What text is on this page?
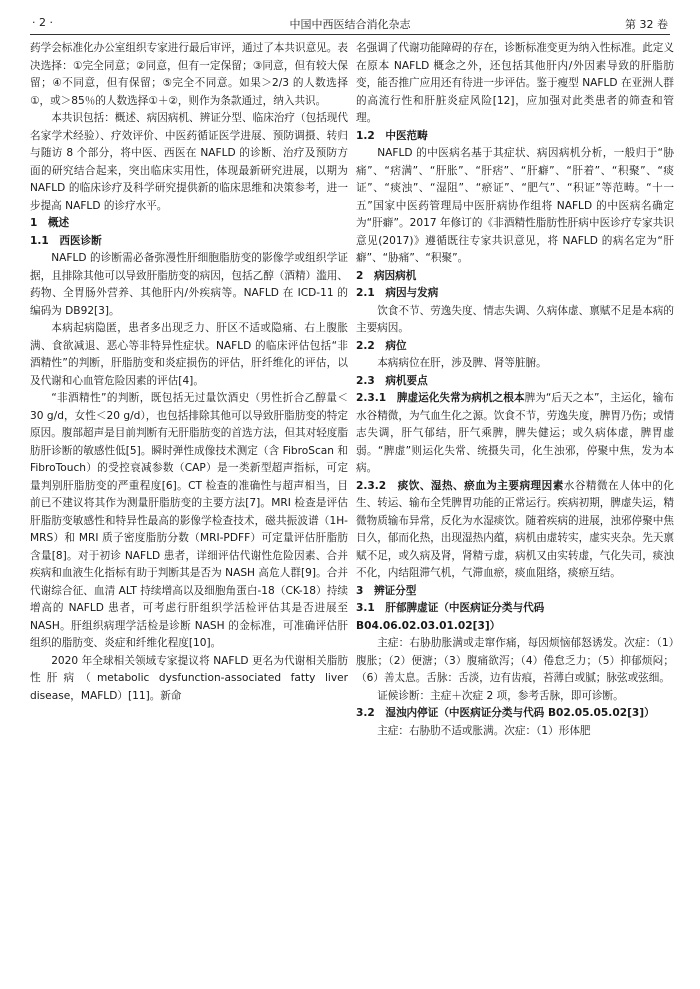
· 2 ·	中国中西医结合消化杂志	第 32 卷

药学会标准化办公室组织专家进行最后审评，通过了本共识意见。表决选择：①完全同意；②同意，但有一定保留；③同意，但有较大保留；④不同意，但有保留；⑤完全不同意。如果＞2/3 的人数选择①，或＞85％的人数选择①＋②，则作为条款通过，纳入共识。

本共识包括：概述、病因病机、辨证分型、临床治疗（包括现代名家学术经验）、疗效评价、中医药循证医学进展、预防调摄、转归与随访 8 个部分，将中医、西医在 NAFLD 的诊断、治疗及预防方面的研究结合起来，突出临床实用性，体现最新研究进展，以期为 NAFLD 的临床诊疗及科学研究提供新的临床思维和决策参考，进一步提高 NAFLD 的诊疗水平。

1　概述
1.1　西医诊断

NAFLD 的诊断需必备弥漫性肝细胞脂肪变的影像学或组织学证据，且排除其他可以导致肝脂肪变的病因，包括乙醇（酒精）滥用、药物、全胃肠外营养、其他肝内/外疾病等。NAFLD 在 ICD-11 的编码为 DB92[3]。

本病起病隐匿，患者多出现乏力、肝区不适或隐痛、右上腹胀满、食欲减退、恶心等非特异性症状。NAFLD 的临床评估包括“非酒精性”的判断，肝脂肪变和炎症损伤的评估，肝纤维化的评估，以及代谢和心血管危险因素的评估[4]。

“非酒精性”的判断，既包括无过量饮酒史（男性折合乙醇量＜30 g/d，女性＜20 g/d），也包括排除其他可以导致肝脂肪变的特定原因。腹部超声是目前判断有无肝脂肪变的首选方法，但其对轻度脂肪肝诊断的敏感性低[5]。瞬时弹性成像技术测定（含 FibroScan 和 FibroTouch）的受控衰减参数（CAP）是一类新型超声指标，可定量判别肝脂肪变的严重程度[6]。CT 检查的准确性与超声相当，目前已不建议将其作为测量肝脂肪变的主要方法[7]。MRI 检查是评估肝脂肪变敏感性和特异性最高的影像学检查技术，磁共振波谱（1H-MRS）和 MRI 质子密度脂肪分数（MRI-PDFF）可定量评估肝脂肪含量[8]。对于初诊 NAFLD 患者，详细评估代谢性危险因素、合并疾病和血液生化指标有助于判断其是否为 NASH 高危人群[9]。合并代谢综合征、血清 ALT 持续增高以及细胞角蛋白-18（CK-18）持续增高的 NAFLD 患者，可考虑行肝组织学活检评估其是否进展至 NASH。肝组织病理学活检是诊断 NASH 的金标准，可准确评估肝组织的脂肪变、炎症和纤维化程度[10]。

2020 年全球相关领域专家提议将 NAFLD 更名为代谢相关脂肪性肝病（metabolic dysfunction-associated fatty liver disease，MAFLD）[11]。新命

名强调了代谢功能障碍的存在，诊断标准变更为纳入性标准。此定义在原本 NAFLD 概念之外，还包括其他肝内/外因素导致的肝脂肪变，能否推广应用还有待进一步评估。鉴于瘦型 NAFLD 在亚洲人群的高流行性和肝脏炎症风险[12]，应加强对此类患者的筛查和管理。

1.2　中医范畴

NAFLD 的中医病名基于其症状、病因病机分析，一般归于“胁痛”、“痞满”、“肝胀”、“肝痞”、“肝癖”、“肝着”、“积聚”、“痰证”、“痰浊”、“湿阻”、“瘀证”、“肥气”、“积证”等范畴。“十一五”国家中医药管理局中医肝病协作组将 NAFLD 的中医病名确定为“肝癖”。2017 年修订的《非酒精性脂肪性肝病中医诊疗专家共识意见(2017)》遵循既往专家共识意见，将 NAFLD 的病名定为“肝癖”、“胁痛”、“积聚”。

2　病因病机
2.1　病因与发病

饮食不节、劳逸失度、情志失调、久病体虚、禀赋不足是本病的主要病因。

2.2　病位

本病病位在肝，涉及脾、肾等脏腑。

2.3　病机要点

2.3.1　脾虚运化失常为病机之根本脾为“后天之本”，主运化，输布水谷精微，为气血生化之源。饮食不节，劳逸失度，脾胃乃伤；或情志失调，肝气郁结，肝气乘脾，脾失健运；或久病体虚，脾胃虚弱。“脾虚”则运化失常、统摄失司，化生浊邪，停聚中焦，发为本病。

2.3.2　痰饮、湿热、瘀血为主要病理因素水谷精微在人体中的化生、转运、输布全凭脾胃功能的正常运行。疾病初期，脾虚失运，精微物质输布异常，反化为水湿痰饮。随着疾病的进展，浊邪停聚中焦日久，郁而化热，出现湿热内蕴，病机由虚转实，虚实夹杂。先天禀赋不足，或久病及肾，肾精亏虚，病机又由实转虚，气化失司，痰浊不化，内结阻滞气机，气滞血瘀，痰血阻络，痰瘀互结。

3　辨证分型
3.1　肝郁脾虚证（中医病证分类与代码 B04.06.02.03.01.02[3]）

主症：右胁肋胀满或走窜作痛，每因烦恼郁怒诱发。次症：（1）腹胀；（2）便溏；（3）腹痛欲泻；（4）倦怠乏力；（5）抑郁烦闷；（6）善太息。舌脉：舌淡，边有齿痕，苔薄白或腻；脉弦或弦细。

证候诊断：主症＋次症 2 项，参考舌脉，即可诊断。

3.2　湿浊内停证（中医病证分类与代码 B02.05.05.02[3]）

主症：右胁肋不适或胀满。次症：（1）形体肥
